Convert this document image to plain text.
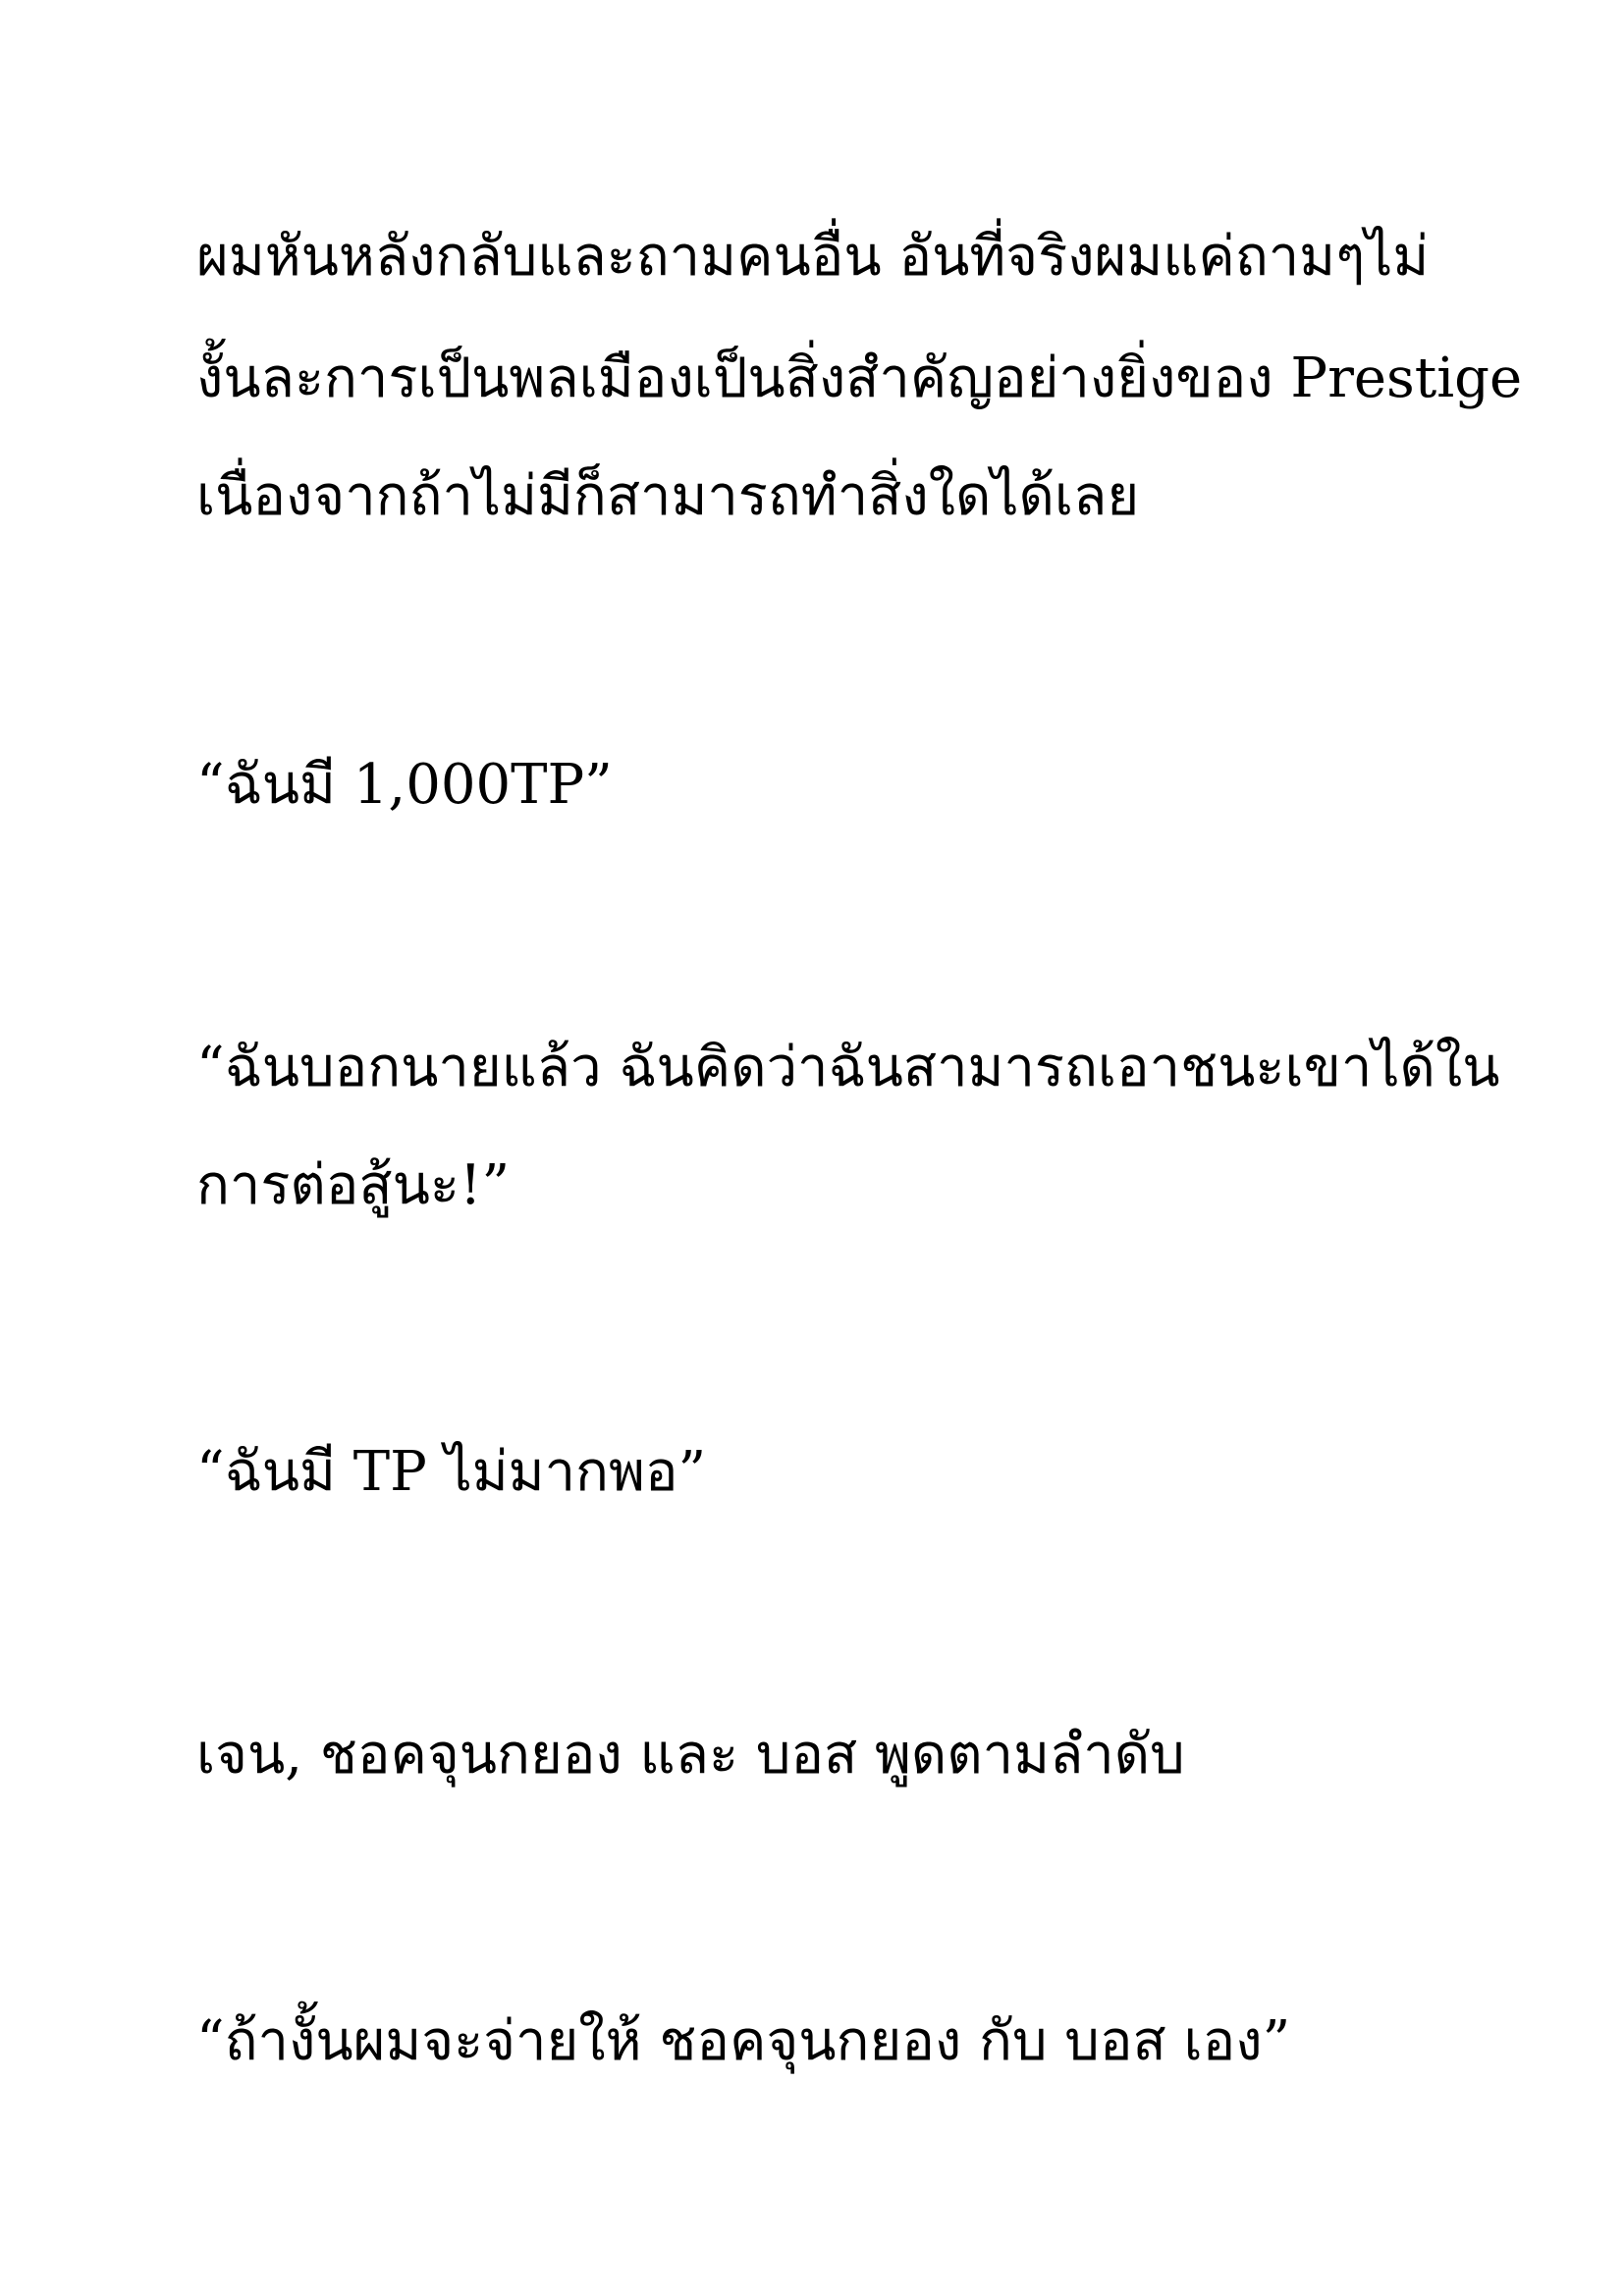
ผมหันหลังกลับและถามคนอื่น อันที่จริงผมแค่ถามๆไม่

งั้นละการเป็นพลเมืองเป็นสิ่งสำคัญอย่างยิ่งของ Prestige

เนื่องจากถ้าไม่มีก็สามารถทำสิ่งใดได้เลย

“ฉันมี 1,000TP”

“ฉันบอกนายแล้ว ฉันคิดว่าฉันสามารถเอาชนะเขาได้ใน

การต่อสู้นะ!”

“ฉันมี TP ไม่มากพอ”

เจน, ชอคจุนกยอง และ บอส พูดตามลำดับ

“ถ้างั้นผมจะจ่ายให้ ชอคจุนกยอง กับ บอส เอง”
